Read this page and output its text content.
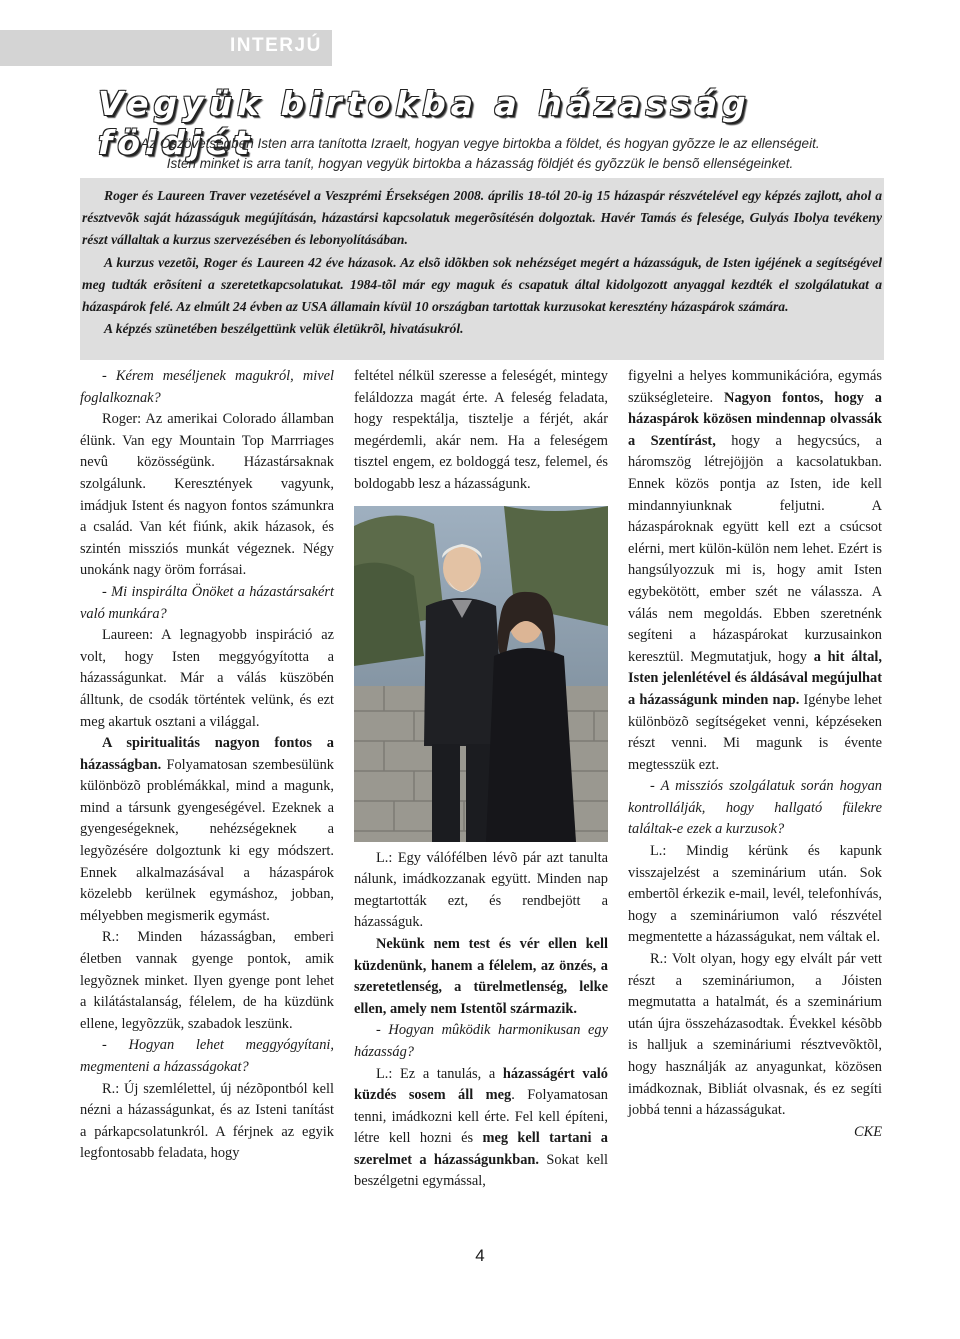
INTERJÚ
Vegyük birtokba a házasság földjét

Az Ószövetségben Isten arra tanította Izraelt, hogyan vegye birtokba a földet, és hogyan gyõzze le az ellenségeit.

Isten minket is arra tanít, hogyan vegyük birtokba a házasság földjét és gyõzzük le bensõ ellenségeinket.

Roger és Laureen Traver vezetésével a Veszprémi Érsekségen 2008. április 18-tól 20-ig 15 házaspár részvételével egy képzés zajlott, ahol a résztvevõk saját házasságuk megújításán, házastársi kapcsolatuk megerõsítésén dolgoztak. Havér Tamás és felesége, Gulyás Ibolya tevékeny részt vállaltak a kurzus szervezésében és lebonyolításában.
A kurzus vezetõi, Roger és Laureen 42 éve házasok. Az elsõ idõkben sok nehézséget megért a házasságuk, de Isten igéjének a segítségével meg tudták erõsíteni a szeretetkapcsolatukat. 1984-tõl már egy maguk és csapatuk által kidolgozott anyaggal kezdték el szolgálatukat a házaspárok felé. Az elmúlt 24 évben az USA államain kívül 10 országban tartottak kurzusokat keresztény házaspárok számára.
A képzés szünetében beszélgettünk velük életükrõl, hivatásukról.

- Kérem meséljenek magukról, mivel foglalkoznak?

Roger: Az amerikai Colorado államban élünk. Van egy Mountain Top Marrriages nevû közösségünk. Házastársaknak szolgálunk. Keresztények vagyunk, imádjuk Istent és nagyon fontos számunkra a család. Van két fiúnk, akik házasok, és szintén missziós munkát végeznek. Négy unokánk nagy öröm forrásai.

- Mi inspirálta Önöket a házastársakért való munkára?

Laureen: A legnagyobb inspiráció az volt, hogy Isten meggyógyította a házasságunkat. Már a válás küszöbén álltunk, de csodák történtek velünk, és ezt meg akartuk osztani a világgal.

A spiritualitás nagyon fontos a házasságban. Folyamatosan szembesülünk különbözõ problémákkal, mind a magunk, mind a társunk gyengeségével. Ezeknek a gyengeségeknek, nehézségeknek a legyõzésére dolgoztunk ki egy módszert. Ennek alkalmazásával a házaspárok közelebb kerülnek egymáshoz, jobban, mélyebben megismerik egymást.

R.: Minden házasságban, emberi életben vannak gyenge pontok, amik legyõznek minket. Ilyen gyenge pont lehet a kilátástalanság, félelem, de ha küzdünk ellene, legyõzzük, szabadok leszünk.

- Hogyan lehet meggyógyítani, megmenteni a házasságokat?

R.: Új szemlélettel, új nézõpontból kell nézni a házasságunkat, és az Isteni tanítást a párkapcsolatunkról. A férjnek az egyik legfontosabb feladata, hogy

feltétel nélkül szeresse a feleségét, mintegy feláldozza magát érte. A feleség feladata, hogy respektálja, tisztelje a férjét, akár megérdemli, akár nem. Ha a feleségem tisztel engem, ez boldoggá tesz, felemel, és boldogabb lesz a házasságunk.

L.: Egy válófélben lévõ pár azt tanulta nálunk, imádkozzanak együtt. Minden nap megtartották ezt, és rendbejött a házasságuk.

Nekünk nem test és vér ellen kell küzdenünk, hanem a félelem, az önzés, a szeretetlenség, a türelmetlenség, lelke ellen, amely nem Istentõl származik.

- Hogyan mûködik harmonikusan egy házasság?

L.: Ez a tanulás, a házasságért való küzdés sosem áll meg. Folyamatosan tenni, imádkozni kell érte. Fel kell építeni, létre kell hozni és meg kell tartani a szerelmet a házasságunkban. Sokat kell beszélgetni egymással,

figyelni a helyes kommunikációra, egymás szükségleteire. Nagyon fontos, hogy a házaspárok közösen mindennap olvassák a Szentírást, hogy a hegycsúcs, a háromszög létrejöjjön a kacsolatukban. Ennek közös pontja az Isten, ide kell mindannyiunknak feljutni. A házaspároknak együtt kell ezt a csúcsot elérni, mert külön-külön nem lehet. Ezért is hangsúlyozzuk mi is, hogy amit Isten egybekötött, ember szét ne válassza. A válás nem megoldás. Ebben szeretnénk segíteni a házaspárokat kurzusainkon keresztül. Megmutatjuk, hogy a hit által, Isten jelenlétével és áldásával megújulhat a házasságunk minden nap. Igénybe lehet különbözõ segítségeket venni, képzéseken részt venni. Mi magunk is évente megtesszük ezt.

- A missziós szolgálatuk során hogyan kontrollálják, hogy hallgató fülekre találtak-e ezek a kurzusok?

L.: Mindig kérünk és kapunk visszajelzést a szeminárium után. Sok embertõl érkezik e-mail, levél, telefonhívás, hogy a szemináriumon való részvétel megmentette a házasságukat, nem váltak el.

R.: Volt olyan, hogy egy elvált pár vett részt a szemináriumon, a Jóisten megmutatta a hatalmát, és a szeminárium után újra összeházasodtak. Évekkel késõbb is halljuk a szemináriumi résztvevõktõl, hogy használják az anyagunkat, közösen imádkoznak, Bibliát olvasnak, és ez segíti jobbá tenni a házasságukat.

CKE

4
